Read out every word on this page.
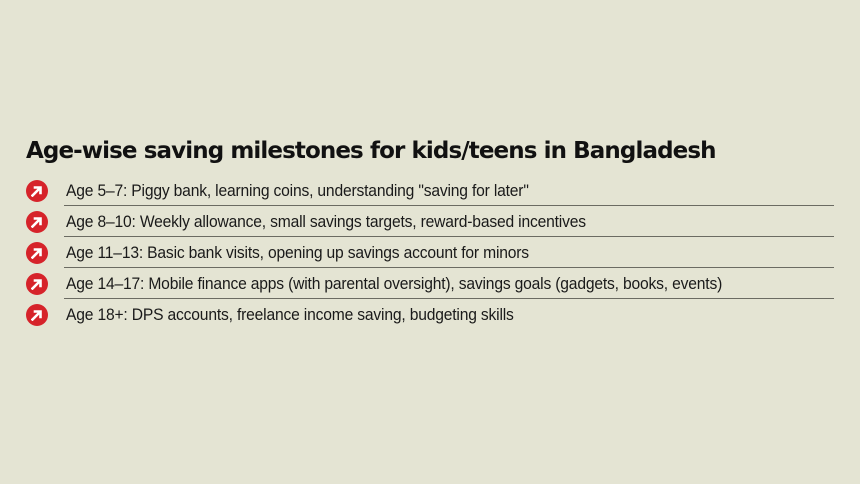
Age-wise saving milestones for kids/teens in Bangladesh
Age 5–7: Piggy bank, learning coins, understanding "saving for later"
Age 8–10: Weekly allowance, small savings targets, reward-based incentives
Age 11–13: Basic bank visits, opening up savings account for minors
Age 14–17: Mobile finance apps (with parental oversight), savings goals (gadgets, books, events)
Age 18+: DPS accounts, freelance income saving, budgeting skills
